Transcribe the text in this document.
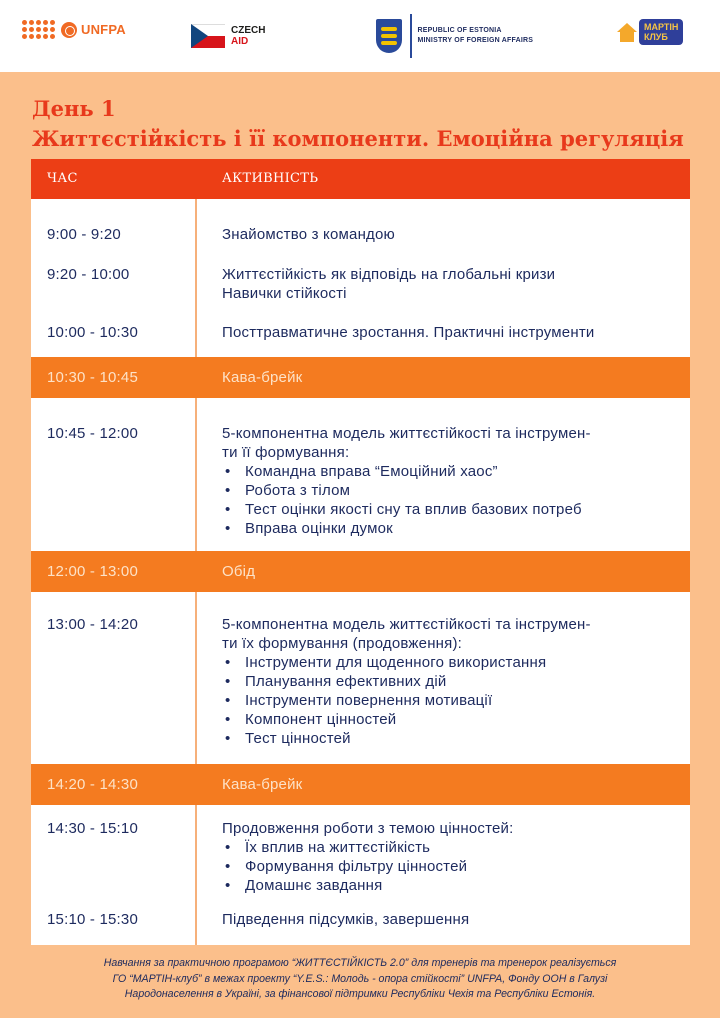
UNFPA	CZECH
AID
REPUBLIC OF ESTONIA
MINISTRY OF FOREIGN AFFAIRS
МАРТІН
КЛУБ
День 1
Життєстійкість і її компоненти. Емоційна регуляція
ЧАС	АКТИВНІСТЬ
9:00 - 9:20	Знайомство з командою
9:20 - 10:00	Життєстійкість як відповідь на глобальні кризи
Навички стійкості
10:00 - 10:30	Посттравматичне зростання. Практичні інструменти
10:30 - 10:45	Кава-брейк
10:45 - 12:00	5-компонентна модель життєстійкості та інструмен-
ти її формування:
• Командна вправа “Емоційний хаос”
• Робота з тілом
• Тест оцінки якості сну та вплив базових потреб
• Вправа оцінки думок
12:00 - 13:00	Обід
13:00 - 14:20	5-компонентна модель життєстійкості та інструмен-
ти їх формування (продовження):
• Інструменти для щоденного використання
• Планування ефективних дій
• Інструменти повернення мотивації
• Компонент цінностей
• Тест цінностей
14:20 - 14:30	Кава-брейк
14:30 - 15:10	Продовження роботи з темою цінностей:
• Їх вплив на життєстійкість
• Формування фільтру цінностей
• Домашнє завдання
15:10 - 15:30	Підведення підсумків, завершення
Навчання за практичною програмою “ЖИТТЄСТІЙКІСТЬ 2.0” для тренерів та тренерок реалізується
ГО “МАРТІН-клуб” в межах проекту “Y.E.S.: Молодь - опора стійкості” UNFPA, Фонду ООН в Галузі
Народонаселення в Україні, за фінансової підтримки Республіки Чехія та Республіки Естонія.
